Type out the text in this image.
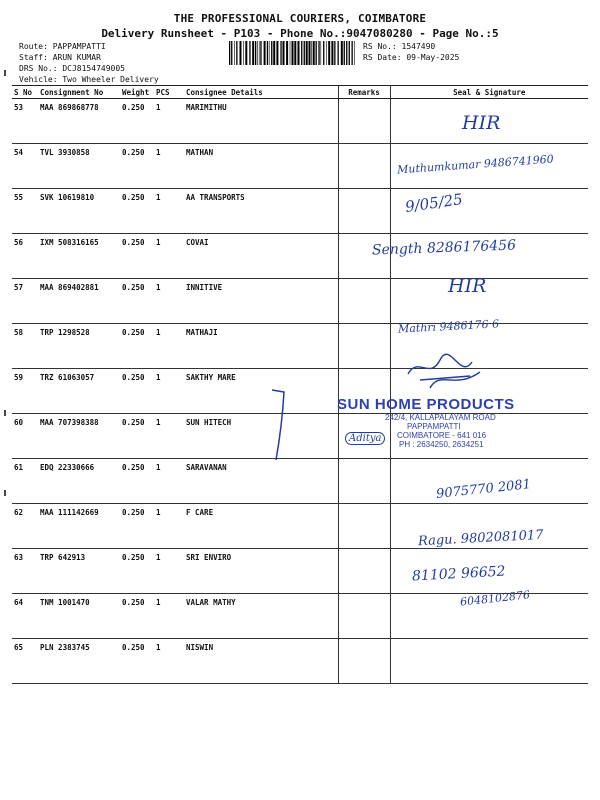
THE PROFESSIONAL COURIERS, COIMBATORE
Delivery Runsheet - P103 - Phone No.:9047080280 - Page No.:5
Route: PAPPAMPATTI
Staff: ARUN KUMAR
DRS No.: DCJ8154749005
Vehicle: Two Wheeler Delivery
RS No.: 1547490
RS Date: 09-May-2025
S No	Consignment No	Weight	PCS	Consignee Details	Remarks	Seal & Signature
53	MAA 869868778	0.250	1	MARIMITHU		
54	TVL 3930858	0.250	1	MATHAN		
55	SVK 10619810	0.250	1	AA TRANSPORTS		
56	IXM 508316165	0.250	1	COVAI		
57	MAA 869402881	0.250	1	INNITIVE		
58	TRP 1298528	0.250	1	MATHAJI		
59	TRZ 61063057	0.250	1	SAKTHY MARE		
60	MAA 707398388	0.250	1	SUN HITECH		
61	EDQ 22330666	0.250	1	SARAVANAN		
62	MAA 111142669	0.250	1	F CARE		
63	TRP 642913	0.250	1	SRI ENVIRO		
64	TNM 1001470	0.250	1	VALAR MATHY		
65	PLN 2383745	0.250	1	NISWIN		
HIR
Muthumkumar 9486741960
9/05/25
Sength 8286176456
HIR
Mathri 9486176 6
Aditya
9075770 2081
Ragu. 9802081017
81102 96652
6048102876
SUN HOME PRODUCTS
242/4, KALLAPALAYAM ROAD
PAPPAMPATTI
COIMBATORE - 641 016
PH : 2634250, 2634251
